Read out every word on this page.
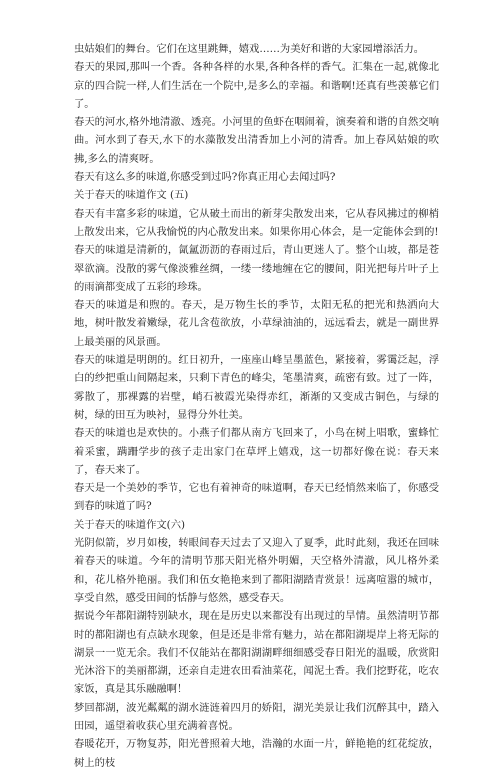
虫姑娘们的舞台。它们在这里跳舞，嬉戏……为美好和谐的大家园增添活力。

春天的果园,那叫一个香。各种各样的水果,各种各样的香气。汇集在一起,就像北京的四合院一样,人们生活在一个院中,是多么的幸福。和谐啊!还真有些羡慕它们了。

春天的河水,格外地清澈、透亮。小河里的鱼虾在咽闹着，演奏着和谐的自然交响曲。河水到了春天,水下的水藻散发出清香加上小河的清香。加上春风姑娘的吹拂,多么的清爽呀。

春天有这么多的味道,你感受到过吗?你真正用心去闻过吗?

关于春天的味道作文 (五)

春天有丰富多彩的味道，它从破土而出的新芽尖散发出来，它从春风拂过的柳梢上散发出来，它从我愉悦的内心散发出来。如果你用心体会，是一定能体会到的!

春天的味道是清新的，氤氲沥沥的春雨过后，青山更迷人了。整个山坡，都是苍翠欲滴。没散的雾气像淡雅丝绸，一缕一缕地缠在它的腰间，阳光把每片叶子上的雨滴都变成了五彩的珍珠。

春天的味道是和煦的。春天，是万物生长的季节，太阳无私的把光和热洒向大地，树叶散发着嫩绿，花儿含苞欲放，小草绿油油的，远远看去，就是一副世界上最美丽的风景画。

春天的味道是明朗的。红日初升，一座座山峰呈墨蓝色，紧接着，雾霭泛起，浮白的纱把重山间隔起来，只剩下青色的峰尖，笔墨清爽，疏密有致。过了一阵，雾散了，那裸露的岩壁，峭石被霞光染得赤红，渐渐的又变成古铜色，与绿的树，绿的田互为映衬，显得分外壮美。

春天的味道也是欢快的。小燕子们都从南方飞回来了，小鸟在树上唱歌，蜜蜂忙着采蜜，蹒跚学步的孩子走出家门在草坪上嬉戏，这一切都好像在说：春天来了，春天来了。

春天是一个美妙的季节，它也有着神奇的味道啊，春天已经悄然来临了，你感受到春的味道了吗?

关于春天的味道作文(六)

光阴似箭，岁月如梭，转眼间春天过去了又迎入了夏季，此时此刻，我还在回味着春天的味道。今年的清明节那天阳光格外明媚，天空格外清澈，风儿格外柔和，花儿格外艳丽。我们和伍女艳艳来到了都阳湖踏青赏景！远离喧嚣的城市，享受自然，感受田间的恬静与悠然，感受春天。

据说今年都阳湖特别缺水，现在是历史以来都没有出现过的旱情。虽然清明节都时的都阳湖也有点缺水现象，但是还是非常有魅力，站在都阳湖堤岸上将无际的湖景一一览无余。我们不仅能站在都阳湖湖畔细细感受春日阳光的温暖，欣赏阳光沐浴下的美丽都湖，还亲自走进农田看油菜花，闻泥土香。我们挖野花，吃农家饭，真是其乐融融啊！

梦回都湖，波光粼粼的湖水涟涟着四月的娇阳，湖光美景让我们沉醉其中，踏入田园，遥望着收获心里充满着喜悦。

春暖花开，万物复苏，阳光普照着大地，浩瀚的水面一片，鲜艳艳的红花绽放，树上的枝
